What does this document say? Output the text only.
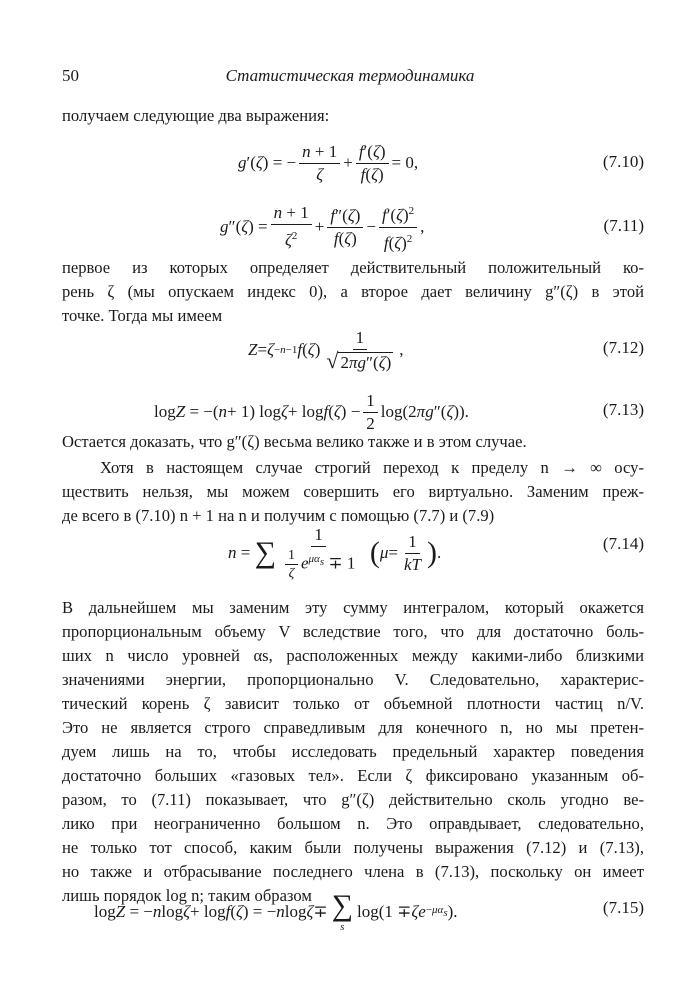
50	Статистическая термодинамика
получаем следующие два выражения:
g ′( ζ ) = − $\frac{n + 1}{\zeta} + \frac{f'(\zeta)}{f(\zeta)} = 0$,	(7.10)
g ″( ζ ) = $\frac{n + 1}{\zeta^2} + \frac{f''(\zeta)}{f(\zeta)} - \frac{f'(\zeta)^2}{f(\zeta)^2}$ ,	(7.11)
первое из которых определяет действительный положительный ко-
рень ζ (мы опускаем индекс 0), а второе дает величину g″(ζ) в этой
точке. Тогда мы имеем
Z = ζ −n−1 f ( ζ ) $\frac{1}{√ 2\pi g''(\zeta)}$ ,	(7.12)
log Z = −( n + 1) log ζ + log f ( ζ ) − $\frac{1}{2} \log(2$ πg ″( ζ )).	(7.13)
Остается доказать, что g″(ζ) весьма велико также и в этом случае.
Хотя в настоящем случае строгий переход к пределу n → ∞ осу-
ществить нельзя, мы можем совершить его виртуально. Заменим преж-
де всего в (7.10) n + 1 на n и получим с помощью (7.7) и (7.9)
n = ∑ $\frac{1}{\frac{1}{\zeta} e^{\mu\alpha_s} \mp 1}$
( $\mu = \frac{1}{kT}$ ) .	(7.14)
В дальнейшем мы заменим эту сумму интегралом, который окажется
пропорциональным объему V вследствие того, что для достаточно боль-
ших n число уровней αs, расположенных между какими-либо близкими
значениями энергии, пропорционально V. Следовательно, характерис-
тический корень ζ зависит только от объемной плотности частиц n/V.
Это не является строго справедливым для конечного n, но мы претен-
дуем лишь на то, чтобы исследовать предельный характер поведения
достаточно больших «газовых тел». Если ζ фиксировано указанным об-
разом, то (7.11) показывает, что g″(ζ) действительно сколь угодно ве-
лико при неограниченно большом n. Это оправдывает, следовательно,
не только тот способ, каким были получены выражения (7.12) и (7.13),
но также и отбрасывание последнего члена в (7.13), поскольку он имеет
лишь порядок log n; таким образом
log Z = − n log ζ + log f ( ζ ) = − n log ζ ∓ ∑
s
$\log(1 \mp \zeta e -\mu\alpha_s$ ).	(7.15)
